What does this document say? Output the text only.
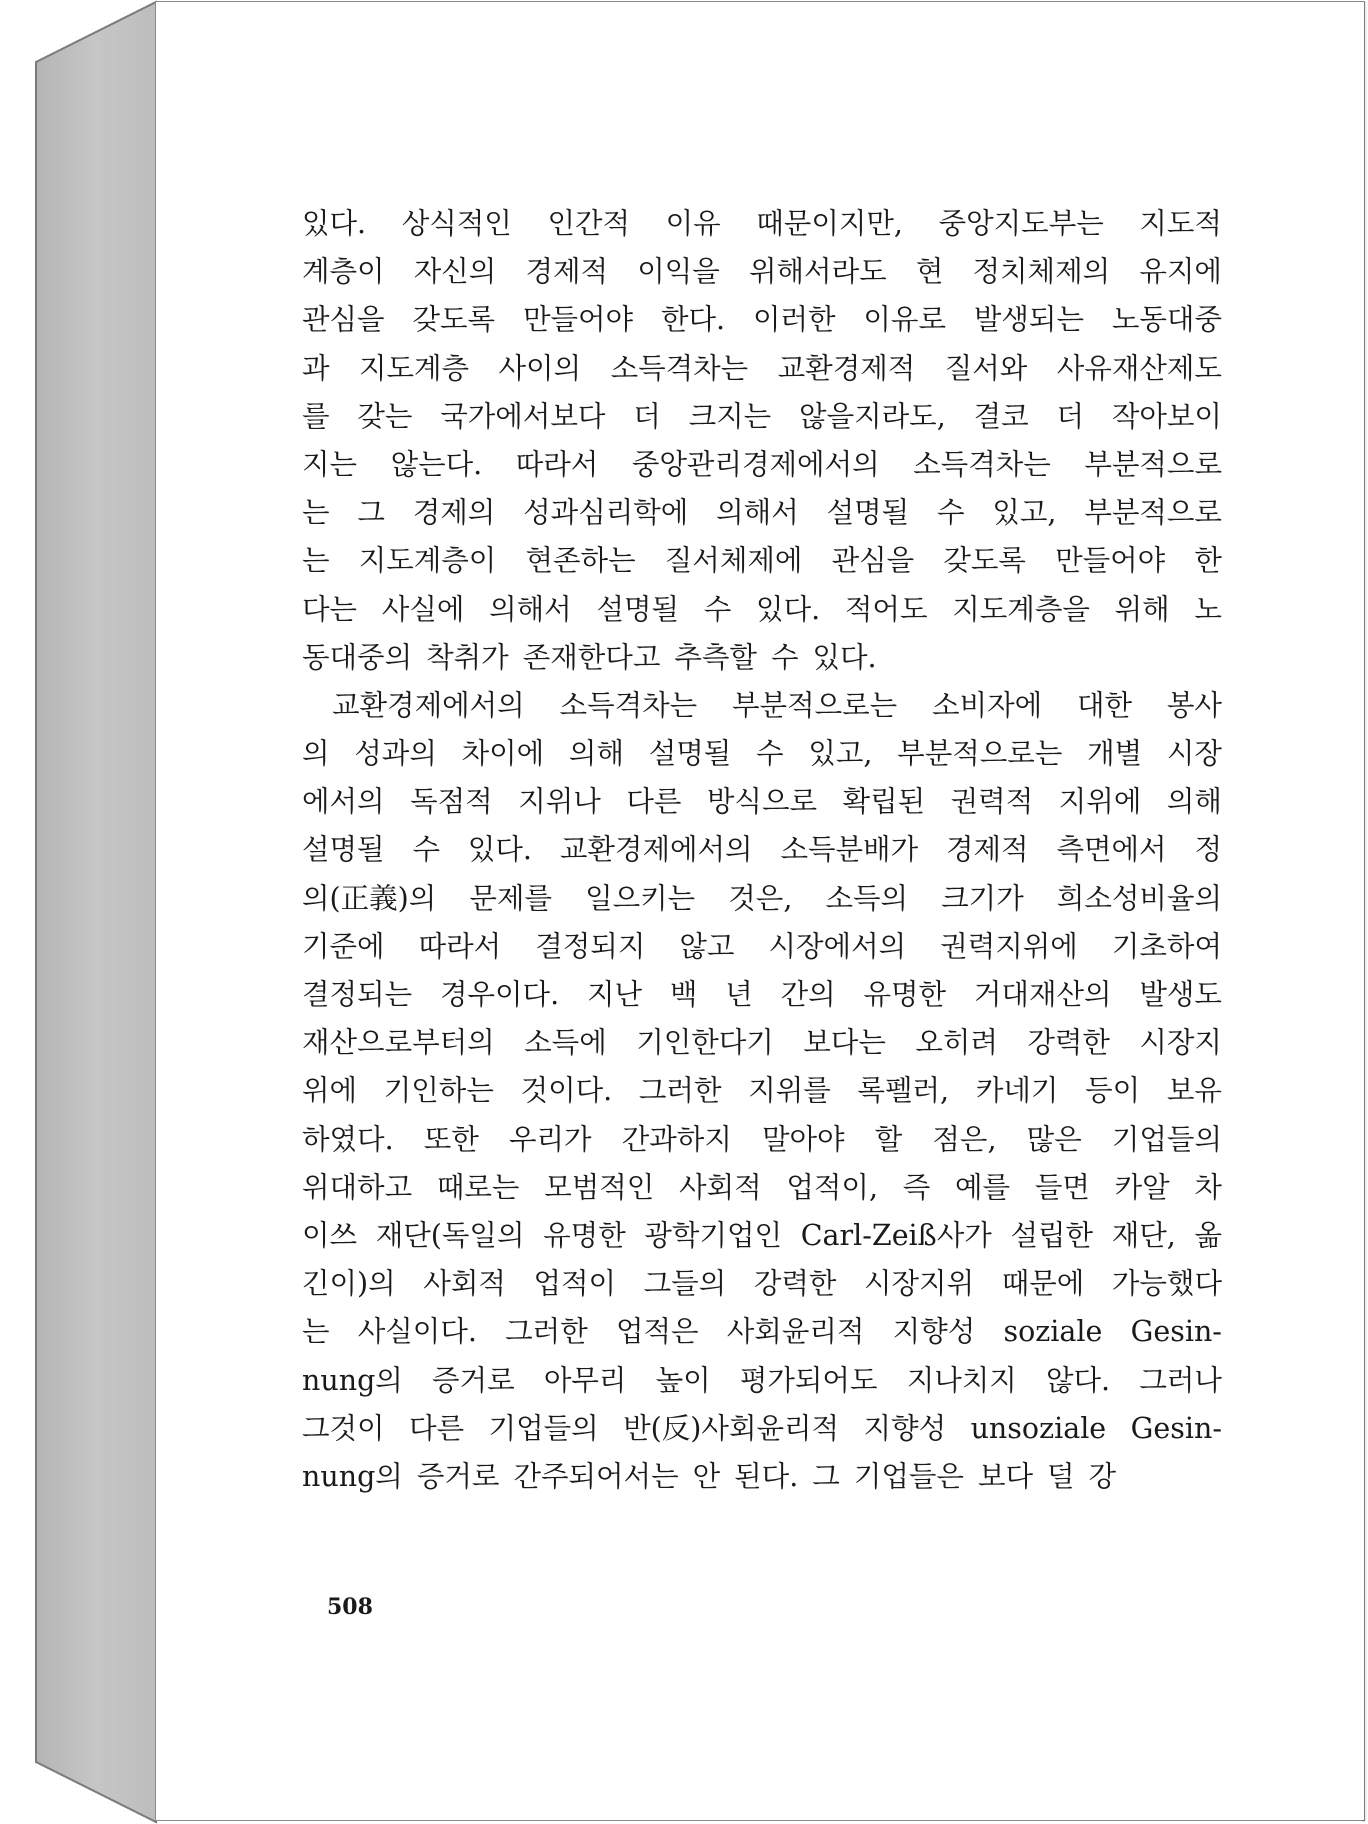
있다. 상식적인 인간적 이유 때문이지만, 중앙지도부는 지도적
계층이 자신의 경제적 이익을 위해서라도 현 정치체제의 유지에
관심을 갖도록 만들어야 한다. 이러한 이유로 발생되는 노동대중
과 지도계층 사이의 소득격차는 교환경제적 질서와 사유재산제도
를 갖는 국가에서보다 더 크지는 않을지라도, 결코 더 작아보이
지는 않는다. 따라서 중앙관리경제에서의 소득격차는 부분적으로
는 그 경제의 성과심리학에 의해서 설명될 수 있고, 부분적으로
는 지도계층이 현존하는 질서체제에 관심을 갖도록 만들어야 한
다는 사실에 의해서 설명될 수 있다. 적어도 지도계층을 위해 노
동대중의 착취가 존재한다고 추측할 수 있다.
교환경제에서의 소득격차는 부분적으로는 소비자에 대한 봉사
의 성과의 차이에 의해 설명될 수 있고, 부분적으로는 개별 시장
에서의 독점적 지위나 다른 방식으로 확립된 권력적 지위에 의해
설명될 수 있다. 교환경제에서의 소득분배가 경제적 측면에서 정
의(正義)의 문제를 일으키는 것은, 소득의 크기가 희소성비율의
기준에 따라서 결정되지 않고 시장에서의 권력지위에 기초하여
결정되는 경우이다. 지난 백 년 간의 유명한 거대재산의 발생도
재산으로부터의 소득에 기인한다기 보다는 오히려 강력한 시장지
위에 기인하는 것이다. 그러한 지위를 록펠러, 카네기 등이 보유
하였다. 또한 우리가 간과하지 말아야 할 점은, 많은 기업들의
위대하고 때로는 모범적인 사회적 업적이, 즉 예를 들면 카알 차
이쓰 재단(독일의 유명한 광학기업인 Carl-Zeiß사가 설립한 재단, 옮
긴이)의 사회적 업적이 그들의 강력한 시장지위 때문에 가능했다
는 사실이다. 그러한 업적은 사회윤리적 지향성 soziale Gesin-
nung의 증거로 아무리 높이 평가되어도 지나치지 않다. 그러나
그것이 다른 기업들의 반(反)사회윤리적 지향성 unsoziale Gesin-
nung의 증거로 간주되어서는 안 된다. 그 기업들은 보다 덜 강
508
